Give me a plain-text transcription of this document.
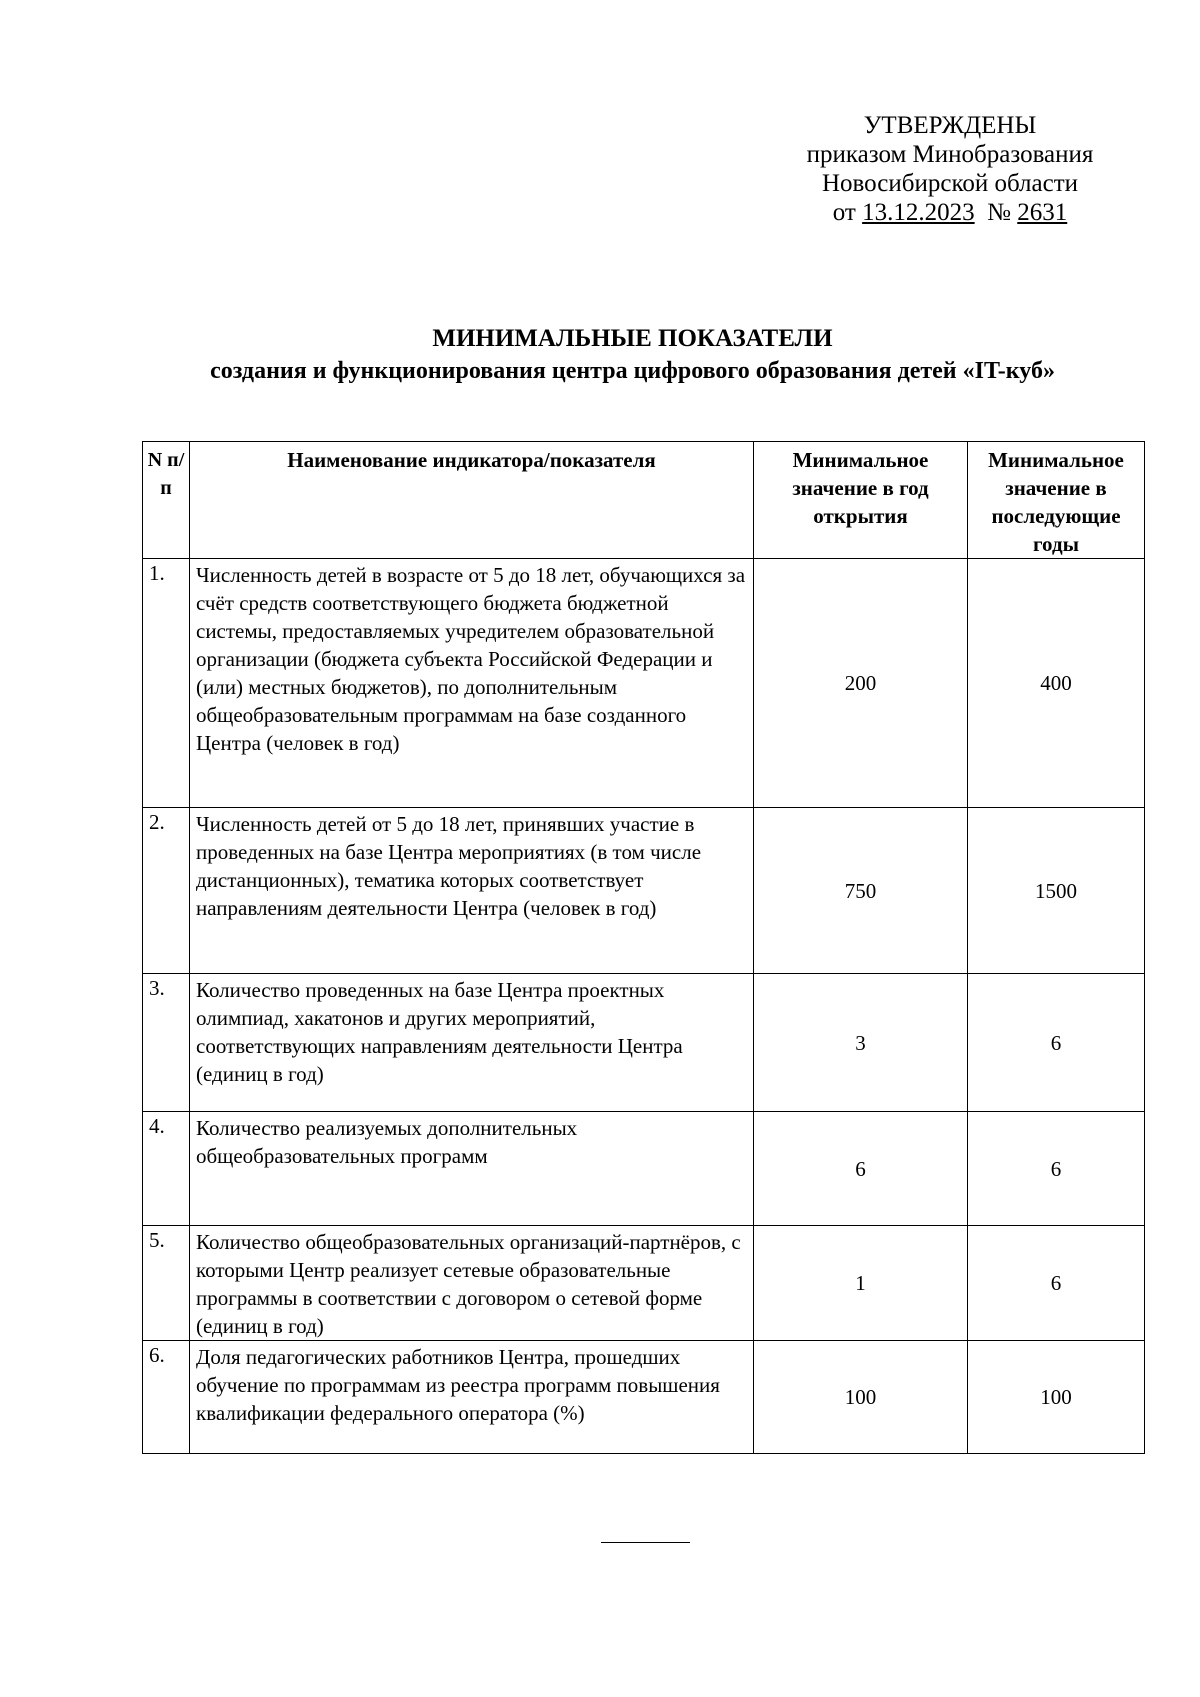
УТВЕРЖДЕНЫ
приказом Минобразования
Новосибирской области
от 13.12.2023 № 2631
МИНИМАЛЬНЫЕ ПОКАЗАТЕЛИ
создания и функционирования центра цифрового образования детей «IT-куб»
N п/п	Наименование индикатора/показателя	Минимальное значение в год открытия	Минимальное значение в последующие годы
1.	Численность детей в возрасте от 5 до 18 лет, обучающихся за счёт средств соответствующего бюджета бюджетной системы, предоставляемых учредителем образовательной организации (бюджета субъекта Российской Федерации и (или) местных бюджетов), по дополнительным общеобразовательным программам на базе созданного Центра (человек в год)	200	400
2.	Численность детей от 5 до 18 лет, принявших участие в проведенных на базе Центра мероприятиях (в том числе дистанционных), тематика которых соответствует направлениям деятельности Центра (человек в год)	750	1500
3.	Количество проведенных на базе Центра проектных олимпиад, хакатонов и других мероприятий, соответствующих направлениям деятельности Центра (единиц в год)	3	6
4.	Количество реализуемых дополнительных общеобразовательных программ	6	6
5.	Количество общеобразовательных организаций-партнёров, с которыми Центр реализует сетевые образовательные программы в соответствии с договором о сетевой форме (единиц в год)	1	6
6.	Доля педагогических работников Центра, прошедших обучение по программам из реестра программ повышения квалификации федерального оператора (%)	100	100
